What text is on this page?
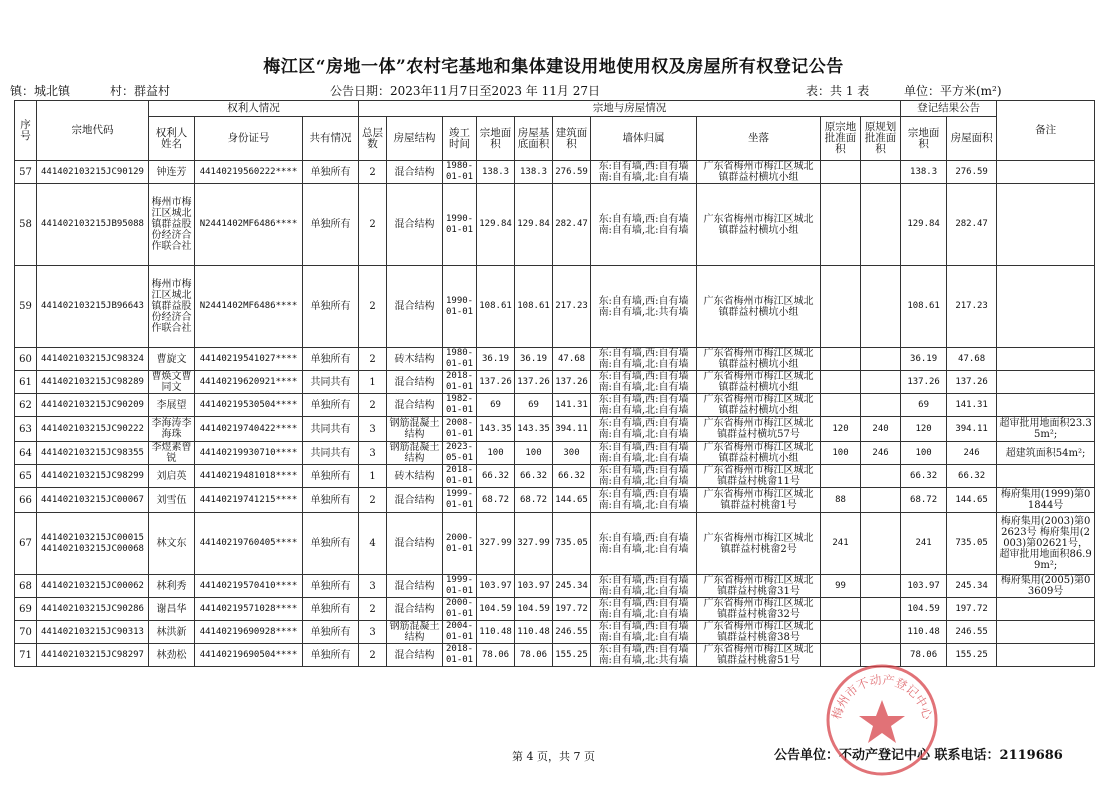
梅江区“房地一体”农村宅基地和集体建设用地使用权及房屋所有权登记公告
镇：城北镇	村：群益村	公告日期：2023年11月7日至2023 年 11月 27日	表：共 1 表	单位：平方米(m²)
序号	宗地代码	权利人情况			宗地与房屋情况										登记结果公告		备注
		权利人姓名	身份证号	共有情况	总层数	房屋结构	竣工时间	宗地面积	房屋基底面积	建筑面积	墙体归属	坐落	原宗地批准面积	原规划批准面积	宗地面积	房屋面积	
57	441402103215JC90129	钟连芳	44140219560222****	单独所有	2	混合结构	1980-01-01	138.3	138.3	276.59	东:自有墙,西:自有墙南:自有墙,北:自有墙	广东省梅州市梅江区城北镇群益村横坑小组			138.3	276.59	
58	441402103215JB95088	梅州市梅江区城北镇群益股份经济合作联合社	N2441402MF6486****	单独所有	2	混合结构	1990-01-01	129.84	129.84	282.47	东:自有墙,西:自有墙南:自有墙,北:自有墙	广东省梅州市梅江区城北镇群益村横坑小组			129.84	282.47	
59	441402103215JB96643	梅州市梅江区城北镇群益股份经济合作联合社	N2441402MF6486****	单独所有	2	混合结构	1990-01-01	108.61	108.61	217.23	东:自有墙,西:自有墙南:自有墙,北:共有墙	广东省梅州市梅江区城北镇群益村横坑小组			108.61	217.23	
60	441402103215JC98324	曹旋文	44140219541027****	单独所有	2	砖木结构	1980-01-01	36.19	36.19	47.68	东:自有墙,西:自有墙南:自有墙,北:自有墙	广东省梅州市梅江区城北镇群益村横坑小组			36.19	47.68	
61	441402103215JC98289	曹焕文曹同文	44140219620921****	共同共有	1	混合结构	2018-01-01	137.26	137.26	137.26	东:自有墙,西:自有墙南:自有墙,北:自有墙	广东省梅州市梅江区城北镇群益村横坑小组			137.26	137.26	
62	441402103215JC90209	李展望	44140219530504****	单独所有	2	混合结构	1982-01-01	69	69	141.31	东:自有墙,西:自有墙南:自有墙,北:自有墙	广东省梅州市梅江区城北镇群益村横坑小组			69	141.31	
63	441402103215JC90222	李海涛李海珠	44140219740422****	共同共有	3	钢筋混凝土结构	2008-01-01	143.35	143.35	394.11	东:自有墙,西:自有墙南:自有墙,北:自有墙	广东省梅州市梅江区城北镇群益村横坑57号	120	240	120	394.11	超审批用地面积23.35m²;
64	441402103215JC98355	李煜素曾锐	44140219930710****	共同共有	3	钢筋混凝土结构	2023-05-01	100	100	300	东:自有墙,西:自有墙南:自有墙,北:自有墙	广东省梅州市梅江区城北镇群益村横坑小组	100	246	100	246	超建筑面积54m²;
65	441402103215JC98299	刘启英	44140219481018****	单独所有	1	砖木结构	2018-01-01	66.32	66.32	66.32	东:自有墙,西:自有墙南:自有墙,北:自有墙	广东省梅州市梅江区城北镇群益村桃畲11号			66.32	66.32	
66	441402103215JC00067	刘雪伍	44140219741215****	单独所有	2	混合结构	1999-01-01	68.72	68.72	144.65	东:自有墙,西:自有墙南:自有墙,北:自有墙	广东省梅州市梅江区城北镇群益村桃畲1号	88		68.72	144.65	梅府集用(1999)第01844号
67	441402103215JC00015 441402103215JC00068	林文东	44140219760405****	单独所有	4	混合结构	2000-01-01	327.99	327.99	735.05	东:自有墙,西:自有墙南:自有墙,北:自有墙	广东省梅州市梅江区城北镇群益村桃畲2号	241		241	735.05	梅府集用(2003)第02623号 梅府集用(2003)第02621号，超审批用地面积86.99m²;
68	441402103215JC00062	林利秀	44140219570410****	单独所有	3	混合结构	1999-01-01	103.97	103.97	245.34	东:自有墙,西:自有墙南:自有墙,北:自有墙	广东省梅州市梅江区城北镇群益村桃畲31号	99		103.97	245.34	梅府集用(2005)第03609号
69	441402103215JC90286	谢昌华	44140219571028****	单独所有	2	混合结构	2000-01-01	104.59	104.59	197.72	东:自有墙,西:自有墙南:自有墙,北:自有墙	广东省梅州市梅江区城北镇群益村桃畲32号			104.59	197.72	
70	441402103215JC90313	林洪新	44140219690928****	单独所有	3	钢筋混凝土结构	2004-01-01	110.48	110.48	246.55	东:自有墙,西:自有墙南:自有墙,北:自有墙	广东省梅州市梅江区城北镇群益村桃畲38号			110.48	246.55	
71	441402103215JC98297	林劲松	44140219690504****	单独所有	2	混合结构	2018-01-01	78.06	78.06	155.25	东:自有墙,西:自有墙南:自有墙,北:共有墙	广东省梅州市梅江区城北镇群益村桃畲51号			78.06	155.25	
第 4 页，共 7 页	公告单位：不动产登记中心 联系电话：2119686
梅州市不动产登记中心
